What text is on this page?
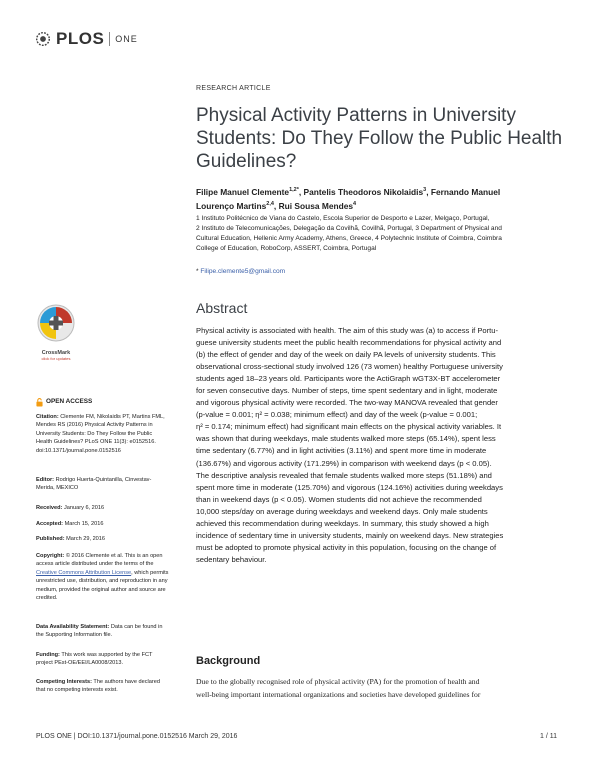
PLOS ONE
CrossMark
click for updates
OPEN ACCESS
Citation: Clemente FM, Nikolaidis PT, Martins FML,
Mendes RS (2016) Physical Activity Patterns in
University Students: Do They Follow the Public
Health Guidelines? PLoS ONE 11(3): e0152516.
doi:10.1371/journal.pone.0152516
Editor: Rodrigo Huerta-Quintanilla, Cinvestav-
Merida, MEXICO
Received: January 6, 2016
Accepted: March 15, 2016
Published: March 29, 2016
Copyright: © 2016 Clemente et al. This is an open
access article distributed under the terms of the
Creative Commons Attribution License, which permits
unrestricted use, distribution, and reproduction in any
medium, provided the original author and source are
credited.
Data Availability Statement: Data can be found in
the Supporting Information file.
Funding: This work was supported by the FCT
project PEst-OE/EEI/LA0008/2013.
Competing Interests: The authors have declared
that no competing interests exist.
RESEARCH ARTICLE
Physical Activity Patterns in University Students: Do They Follow the Public Health Guidelines?
Filipe Manuel Clemente$^{1,2*}$, Pantelis Theodoros Nikolaidis$^3$, Fernando Manuel
Lourenço Martins$^{2,4}$, Rui Sousa Mendes$^4$
1 Instituto Politécnico de Viana do Castelo, Escola Superior de Desporto e Lazer, Melgaço, Portugal,
2 Instituto de Telecomunicações, Delegação da Covilhã, Covilhã, Portugal, 3 Department of Physical and
Cultural Education, Hellenic Army Academy, Athens, Greece, 4 Polytechnic Institute of Coimbra, Coimbra
College of Education, RoboCorp, ASSERT, Coimbra, Portugal
* Filipe.clemente5@gmail.com
Abstract
Physical activity is associated with health. The aim of this study was (a) to access if Portu-
guese university students meet the public health recommendations for physical activity and
(b) the effect of gender and day of the week on daily PA levels of university students. This
observational cross-sectional study involved 126 (73 women) healthy Portuguese university
students aged 18–23 years old. Participants wore the ActiGraph wGT3X-BT accelerometer
for seven consecutive days. Number of steps, time spent sedentary and in light, moderate
and vigorous physical activity were recorded. The two-way MANOVA revealed that gender
(p-value = 0.001; η² = 0.038; minimum effect) and day of the week (p-value = 0.001;
η² = 0.174; minimum effect) had significant main effects on the physical activity variables. It
was shown that during weekdays, male students walked more steps (65.14%), spent less
time sedentary (6.77%) and in light activities (3.11%) and spent more time in moderate
(136.67%) and vigorous activity (171.29%) in comparison with weekend days (p < 0.05).
The descriptive analysis revealed that female students walked more steps (51.18%) and
spent more time in moderate (125.70%) and vigorous (124.16%) activities during weekdays
than in weekend days (p < 0.05). Women students did not achieve the recommended
10,000 steps/day on average during weekdays and weekend days. Only male students
achieved this recommendation during weekdays. In summary, this study showed a high
incidence of sedentary time in university students, mainly on weekend days. New strategies
must be adopted to promote physical activity in this population, focusing on the change of
sedentary behaviour.
Background
Due to the globally recognised role of physical activity (PA) for the promotion of health and
well-being important international organizations and societies have developed guidelines for
PLOS ONE | DOI:10.1371/journal.pone.0152516 March 29, 2016	1 / 11
